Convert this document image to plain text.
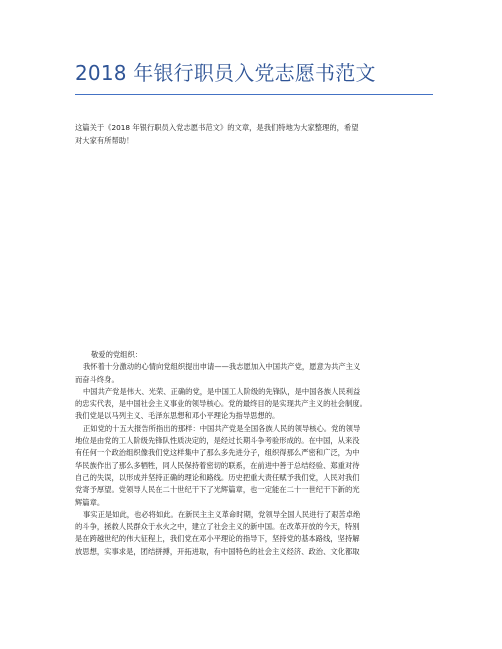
2018 年银行职员入党志愿书范文

这篇关于《2018 年银行职员入党志愿书范文》的文章，是我们特地为大家整理的，希望

对大家有所帮助！

敬爱的党组织：

我怀着十分激动的心情向党组织提出申请——我志愿加入中国共产党，愿意为共产主义

而奋斗终身。

中国共产党是伟大、光荣、正确的党，是中国工人阶级的先锋队，是中国各族人民利益

的忠实代表，是中国社会主义事业的领导核心。党的最终目的是实现共产主义的社会制度。

我们党是以马列主义、毛泽东思想和邓小平理论为指导思想的。

正如党的十五大报告所指出的那样：中国共产党是全国各族人民的领导核心。党的领导

地位是由党的工人阶级先锋队性质决定的，是经过长期斗争考验形成的。在中国，从来没

有任何一个政治组织像我们党这样集中了那么多先进分子，组织得那么严密和广泛，为中

华民族作出了那么多牺牲，同人民保持着密切的联系，在前进中善于总结经验、郑重对待

自己的失误，以形成并坚持正确的理论和路线。历史把重大责任赋予我们党，人民对我们

党寄予厚望。党领导人民在二十世纪干下了光辉篇章，也一定能在二十一世纪干下新的光

辉篇章。

事实正是如此，也必将如此。在新民主主义革命时期，党领导全国人民进行了艰苦卓绝

的斗争，拯救人民群众于水火之中，建立了社会主义的新中国。在改革开放的今天，特别

是在跨越世纪的伟大征程上，我们党在邓小平理论的指导下，坚持党的基本路线，坚持解

放思想，实事求是，团结拼搏，开拓进取，有中国特色的社会主义经济、政治、文化都取
